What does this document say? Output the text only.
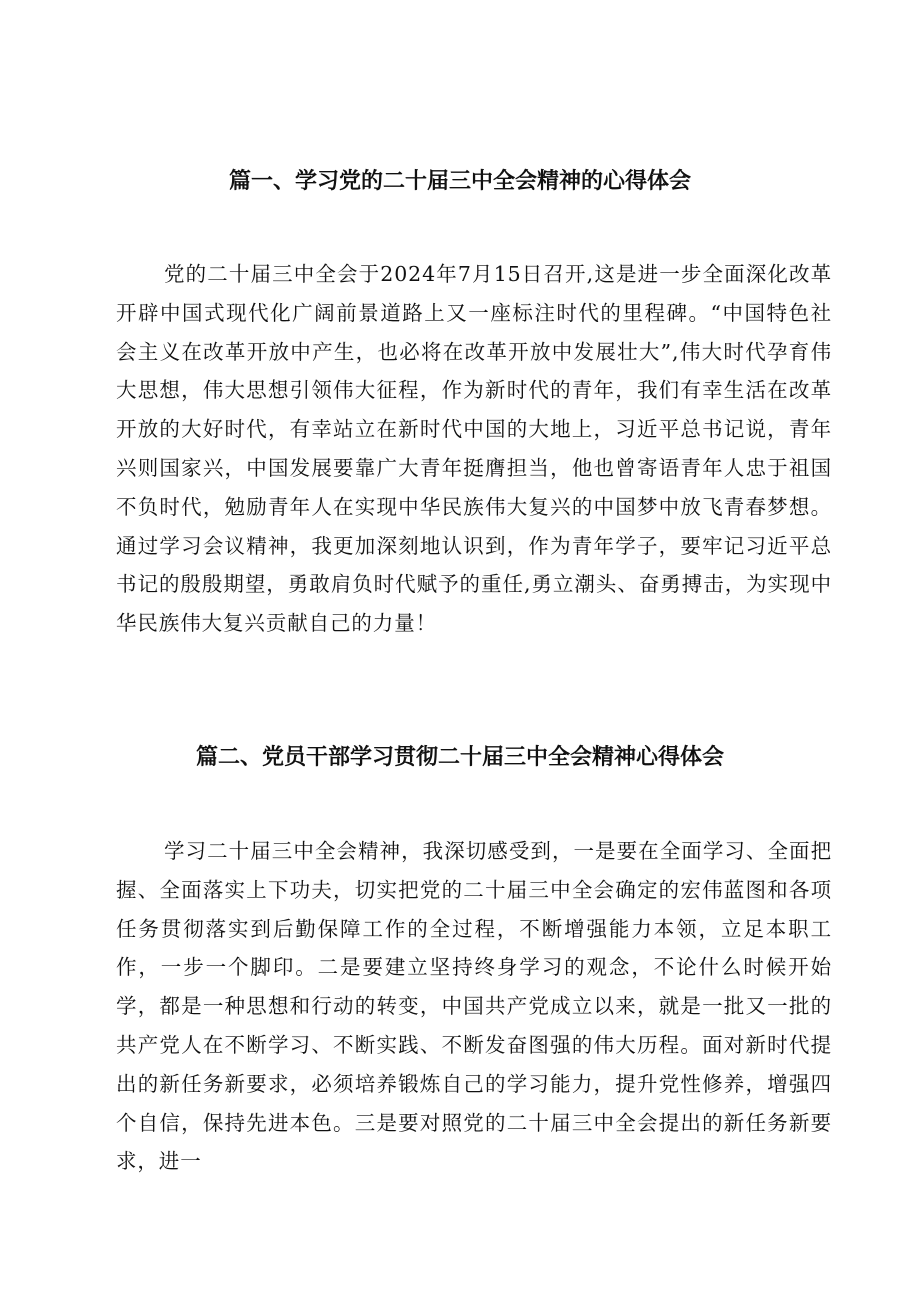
篇一、学习党的二十届三中全会精神的心得体会

党的二十届三中全会于2024年7月15日召开,这是进一步全面深化改革开辟中国式现代化广阔前景道路上又一座标注时代的里程碑。“中国特色社会主义在改革开放中产生，也必将在改革开放中发展壮大”,伟大时代孕育伟大思想，伟大思想引领伟大征程，作为新时代的青年，我们有幸生活在改革开放的大好时代，有幸站立在新时代中国的大地上，习近平总书记说，青年兴则国家兴，中国发展要靠广大青年挺膺担当，他也曾寄语青年人忠于祖国不负时代，勉励青年人在实现中华民族伟大复兴的中国梦中放飞青春梦想。通过学习会议精神，我更加深刻地认识到，作为青年学子，要牢记习近平总书记的殷殷期望，勇敢肩负时代赋予的重任,勇立潮头、奋勇搏击，为实现中华民族伟大复兴贡献自己的力量！

篇二、党员干部学习贯彻二十届三中全会精神心得体会

学习二十届三中全会精神，我深切感受到，一是要在全面学习、全面把握、全面落实上下功夫，切实把党的二十届三中全会确定的宏伟蓝图和各项任务贯彻落实到后勤保障工作的全过程，不断增强能力本领，立足本职工作，一步一个脚印。二是要建立坚持终身学习的观念，不论什么时候开始学，都是一种思想和行动的转变，中国共产党成立以来，就是一批又一批的共产党人在不断学习、不断实践、不断发奋图强的伟大历程。面对新时代提出的新任务新要求，必须培养锻炼自己的学习能力，提升党性修养，增强四个自信，保持先进本色。三是要对照党的二十届三中全会提出的新任务新要求，进一
